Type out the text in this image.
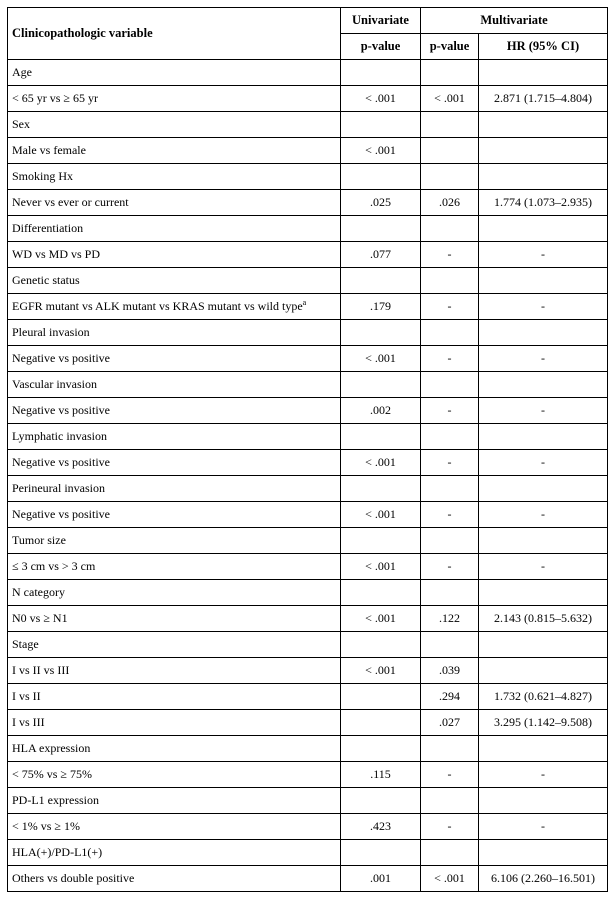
Clinicopathologic variable	Univariate	Multivariate	
	p-value	p-value	HR (95% CI)
Age			
< 65 yr vs ≥ 65 yr	< .001	< .001	2.871 (1.715–4.804)
Sex			
Male vs female	< .001		
Smoking Hx			
Never vs ever or current	.025	.026	1.774 (1.073–2.935)
Differentiation			
WD vs MD vs PD	.077	-	-
Genetic status			
EGFR mutant vs ALK mutant vs KRAS mutant vs wild type$^a$	.179	-	-
Pleural invasion			
Negative vs positive	< .001	-	-
Vascular invasion			
Negative vs positive	.002	-	-
Lymphatic invasion			
Negative vs positive	< .001	-	-
Perineural invasion			
Negative vs positive	< .001	-	-
Tumor size			
≤ 3 cm vs > 3 cm	< .001	-	-
N category			
N0 vs ≥ N1	< .001	.122	2.143 (0.815–5.632)
Stage			
I vs II vs III	< .001	.039	
I vs II		.294	1.732 (0.621–4.827)
I vs III		.027	3.295 (1.142–9.508)
HLA expression			
< 75% vs ≥ 75%	.115	-	-
PD-L1 expression			
< 1% vs ≥ 1%	.423	-	-
HLA(+)/PD-L1(+)			
Others vs double positive	.001	< .001	6.106 (2.260–16.501)
